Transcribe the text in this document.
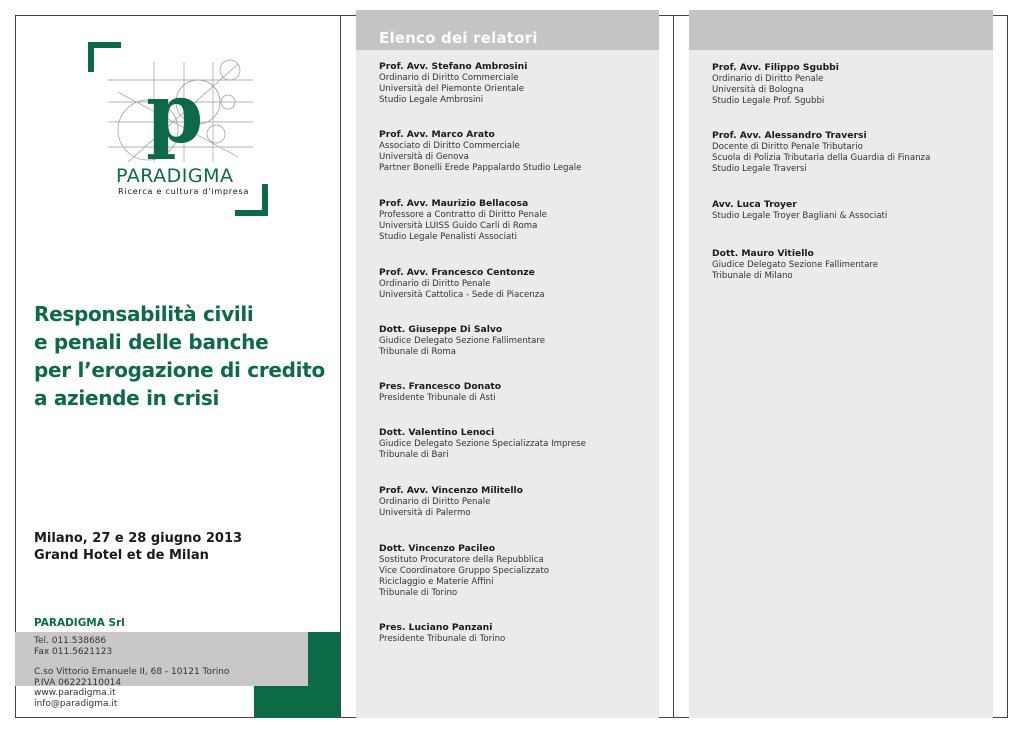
Elenco dei relatori
Prof. Avv. Stefano Ambrosini
Ordinario di Diritto Commerciale
Università del Piemonte Orientale
Studio Legale Ambrosini
Prof. Avv. Marco Arato
Associato di Diritto Commerciale
Università di Genova
Partner Bonelli Erede Pappalardo Studio Legale
Prof. Avv. Maurizio Bellacosa
Professore a Contratto di Diritto Penale
Università LUISS Guido Carli di Roma
Studio Legale Penalisti Associati
Prof. Avv. Francesco Centonze
Ordinario di Diritto Penale
Università Cattolica - Sede di Piacenza
Dott. Giuseppe Di Salvo
Giudice Delegato Sezione Fallimentare
Tribunale di Roma
Pres. Francesco Donato
Presidente Tribunale di Asti
Dott. Valentino Lenoci
Giudice Delegato Sezione Specializzata Imprese
Tribunale di Bari
Prof. Avv. Vincenzo Militello
Ordinario di Diritto Penale
Università di Palermo
Dott. Vincenzo Pacileo
Sostituto Procuratore della Repubblica
Vice Coordinatore Gruppo Specializzato
Riciclaggio e Materie Affini
Tribunale di Torino
Pres. Luciano Panzani
Presidente Tribunale di Torino
Prof. Avv. Filippo Sgubbi
Ordinario di Diritto Penale
Università di Bologna
Studio Legale Prof. Sgubbi
Prof. Avv. Alessandro Traversi
Docente di Diritto Penale Tributario
Scuola di Polizia Tributaria della Guardia di Finanza
Studio Legale Traversi
Avv. Luca Troyer
Studio Legale Troyer Bagliani & Associati
Dott. Mauro Vitiello
Giudice Delegato Sezione Fallimentare
Tribunale di Milano
p
PARADIGMA
Ricerca e cultura d'impresa
Responsabilità civili
e penali delle banche
per l’erogazione di credito
a aziende in crisi
Milano, 27 e 28 giugno 2013
Grand Hotel et de Milan
PARADIGMA Srl
Tel. 011.538686
Fax 011.5621123
C.so Vittorio Emanuele II, 68 - 10121 Torino
P.IVA 06222110014
www.paradigma.it
info@paradigma.it
